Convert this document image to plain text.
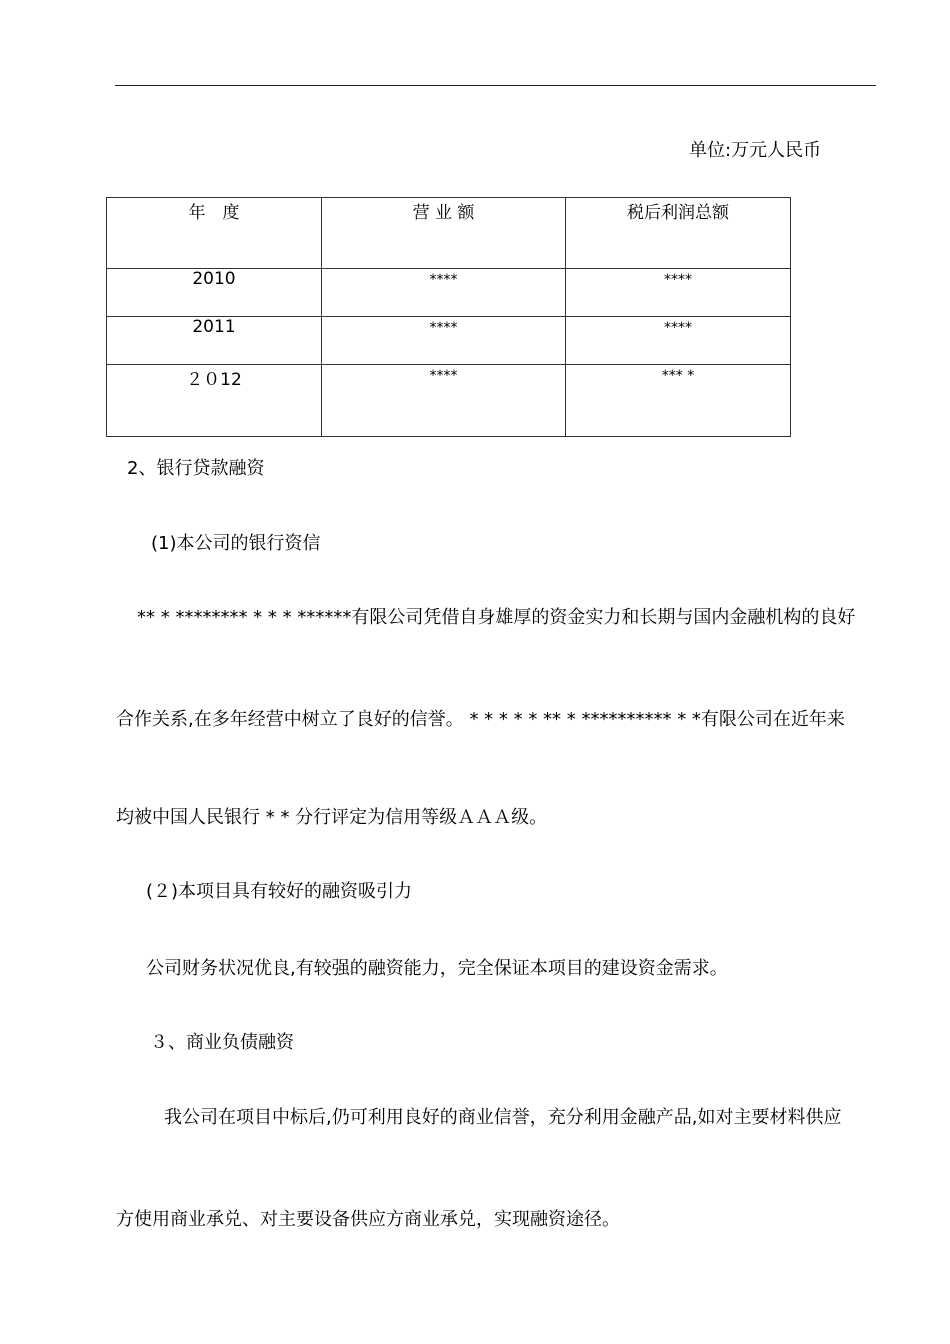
单位:万元人民币
年　度	营 业 额	税后利润总额
2010	****	****
2011	****	****
２０12	****	*** *
2、银行贷款融资
(1)本公司的银行资信
** * ******** * * * ******有限公司凭借自身雄厚的资金实力和长期与国内金融机构的良好
合作关系,在多年经营中树立了良好的信誉。 * * * * * ** * ********** * *有限公司在近年来
均被中国人民银行 * * 分行评定为信用等级ＡＡＡ级。
(２)本项目具有较好的融资吸引力
公司财务状况优良,有较强的融资能力，完全保证本项目的建设资金需求。
３、商业负债融资
我公司在项目中标后,仍可利用良好的商业信誉，充分利用金融产品,如对主要材料供应
方使用商业承兑、对主要设备供应方商业承兑，实现融资途径。
